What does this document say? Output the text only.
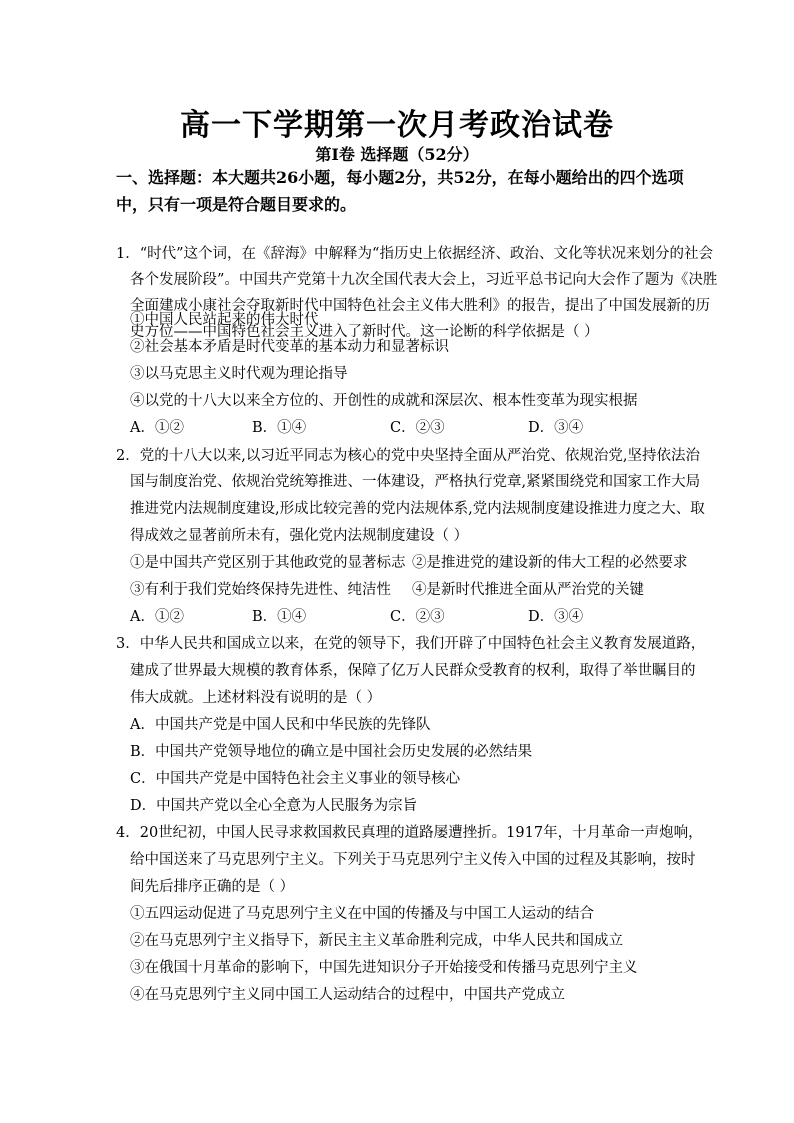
高一下学期第一次月考政治试卷
第Ⅰ卷 选择题（52分）
一、选择题：本大题共26小题，每小题2分，共52分，在每小题给出的四个选项中，只有一项是符合题目要求的。
1．“时代”这个词，在《辞海》中解释为“指历史上依据经济、政治、文化等状况来划分的社会
各个发展阶段”。中国共产党第十九次全国代表大会上，习近平总书记向大会作了题为《决胜
全面建成小康社会夺取新时代中国特色社会主义伟大胜利》的报告，提出了中国发展新的历
史方位——中国特色社会主义进入了新时代。这一论断的科学依据是（ ）
①中国人民站起来的伟大时代
②社会基本矛盾是时代变革的基本动力和显著标识
③以马克思主义时代观为理论指导
④以党的十八大以来全方位的、开创性的成就和深层次、根本性变革为现实根据
A．①②	B．①④	C．②③	D．③④
2．党的十八大以来,以习近平同志为核心的党中央坚持全面从严治党、依规治党,坚持依法治
国与制度治党、依规治党统筹推进、一体建设，严格执行党章,紧紧围绕党和国家工作大局
推进党内法规制度建设,形成比较完善的党内法规体系,党内法规制度建设推进力度之大、取
得成效之显著前所未有，强化党内法规制度建设（ ）
①是中国共产党区别于其他政党的显著标志 ②是推进党的建设新的伟大工程的必然要求
③有利于我们党始终保持先进性、纯洁性 ④是新时代推进全面从严治党的关键
A．①②	B．①④	C．②③	D．③④
3．中华人民共和国成立以来，在党的领导下，我们开辟了中国特色社会主义教育发展道路，
建成了世界最大规模的教育体系，保障了亿万人民群众受教育的权利，取得了举世瞩目的
伟大成就。上述材料没有说明的是（ ）
A．中国共产党是中国人民和中华民族的先锋队
B．中国共产党领导地位的确立是中国社会历史发展的必然结果
C．中国共产党是中国特色社会主义事业的领导核心
D．中国共产党以全心全意为人民服务为宗旨
4．20世纪初，中国人民寻求救国救民真理的道路屡遭挫折。1917年，十月革命一声炮响，
给中国送来了马克思列宁主义。下列关于马克思列宁主义传入中国的过程及其影响，按时
间先后排序正确的是（ ）
①五四运动促进了马克思列宁主义在中国的传播及与中国工人运动的结合
②在马克思列宁主义指导下，新民主主义革命胜利完成，中华人民共和国成立
③在俄国十月革命的影响下，中国先进知识分子开始接受和传播马克思列宁主义
④在马克思列宁主义同中国工人运动结合的过程中，中国共产党成立
